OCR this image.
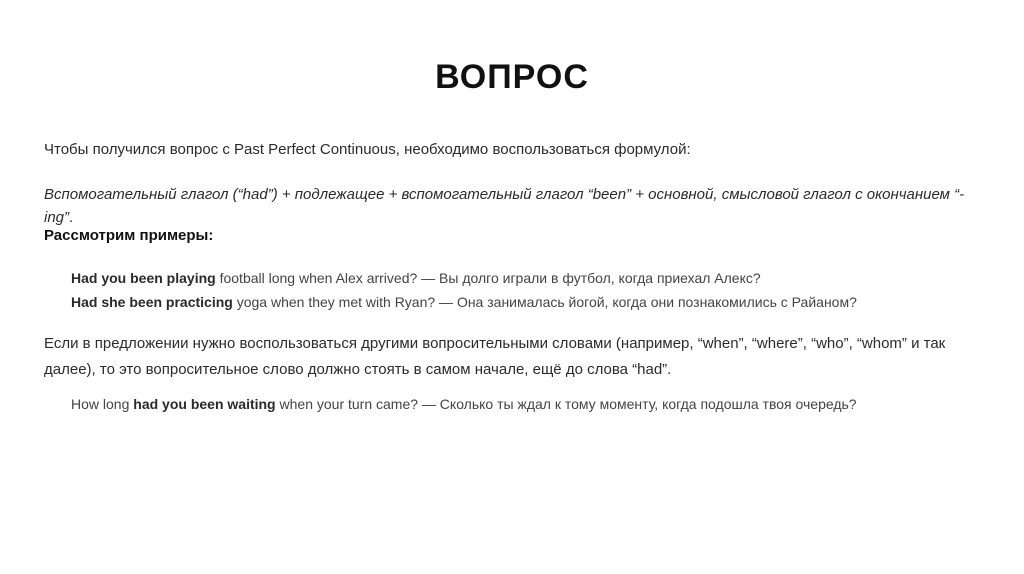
ВОПРОС
Чтобы получился вопрос с Past Perfect Continuous, необходимо воспользоваться формулой:
Вспомогательный глагол (“had”) + подлежащее + вспомогательный глагол “been” + основной, смысловой глагол с окончанием “-ing”.
Рассмотрим примеры:
Had you been playing football long when Alex arrived? — Вы долго играли в футбол, когда приехал Алекс?
Had she been practicing yoga when they met with Ryan? — Она занималась йогой, когда они познакомились с Райаном?
Если в предложении нужно воспользоваться другими вопросительными словами (например, “when”, “where”, “who”, “whom” и так далее), то это вопросительное слово должно стоять в самом начале, ещё до слова “had”.
How long had you been waiting when your turn came? — Сколько ты ждал к тому моменту, когда подошла твоя очередь?
